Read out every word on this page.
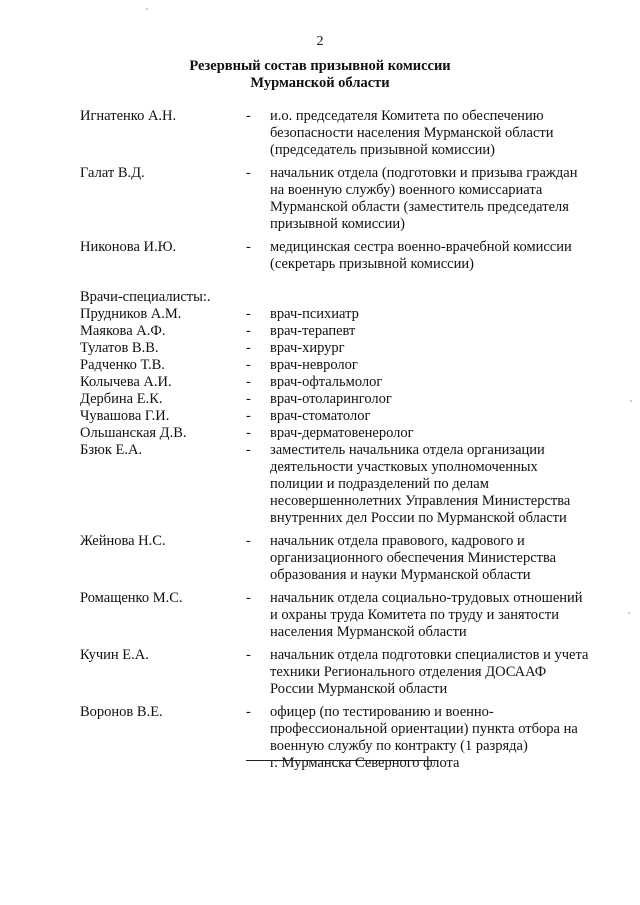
2
Резервный состав призывной комиссии
Мурманской области
Игнатенко А.Н.	-	и.о. председателя Комитета по обеспечению
безопасности населения Мурманской области
(председатель призывной комиссии)
Галат В.Д.	-	начальник отдела (подготовки и призыва граждан
на военную службу) военного комиссариата
Мурманской области (заместитель председателя
призывной комиссии)
Никонова И.Ю.	-	медицинская сестра военно-врачебной комиссии
(секретарь призывной комиссии)
Врачи-специалисты:.
Прудников А.М.	-	врач-психиатр
Маякова А.Ф.	-	врач-терапевт
Тулатов В.В.	-	врач-хирург
Радченко Т.В.	-	врач-невролог
Колычева А.И.	-	врач-офтальмолог
Дербина Е.К.	-	врач-отоларинголог
Чувашова Г.И.	-	врач-стоматолог
Ольшанская Д.В.	-	врач-дерматовенеролог
Бзюк Е.А.	-	заместитель начальника отдела организации
деятельности участковых уполномоченных
полиции и подразделений по делам
несовершеннолетних Управления Министерства
внутренних дел России по Мурманской области
Жейнова Н.С.	-	начальник отдела правового, кадрового и
организационного обеспечения Министерства
образования и науки Мурманской области
Ромащенко М.С.	-	начальник отдела социально-трудовых отношений
и охраны труда Комитета по труду и занятости
населения Мурманской области
Кучин Е.А.	-	начальник отдела подготовки специалистов и учета
техники Регионального отделения ДОСААФ
России Мурманской области
Воронов В.Е.	-	офицер (по тестированию и военно-
профессиональной ориентации) пункта отбора на
военную службу по контракту (1 разряда)
г. Мурманска Северного флота
